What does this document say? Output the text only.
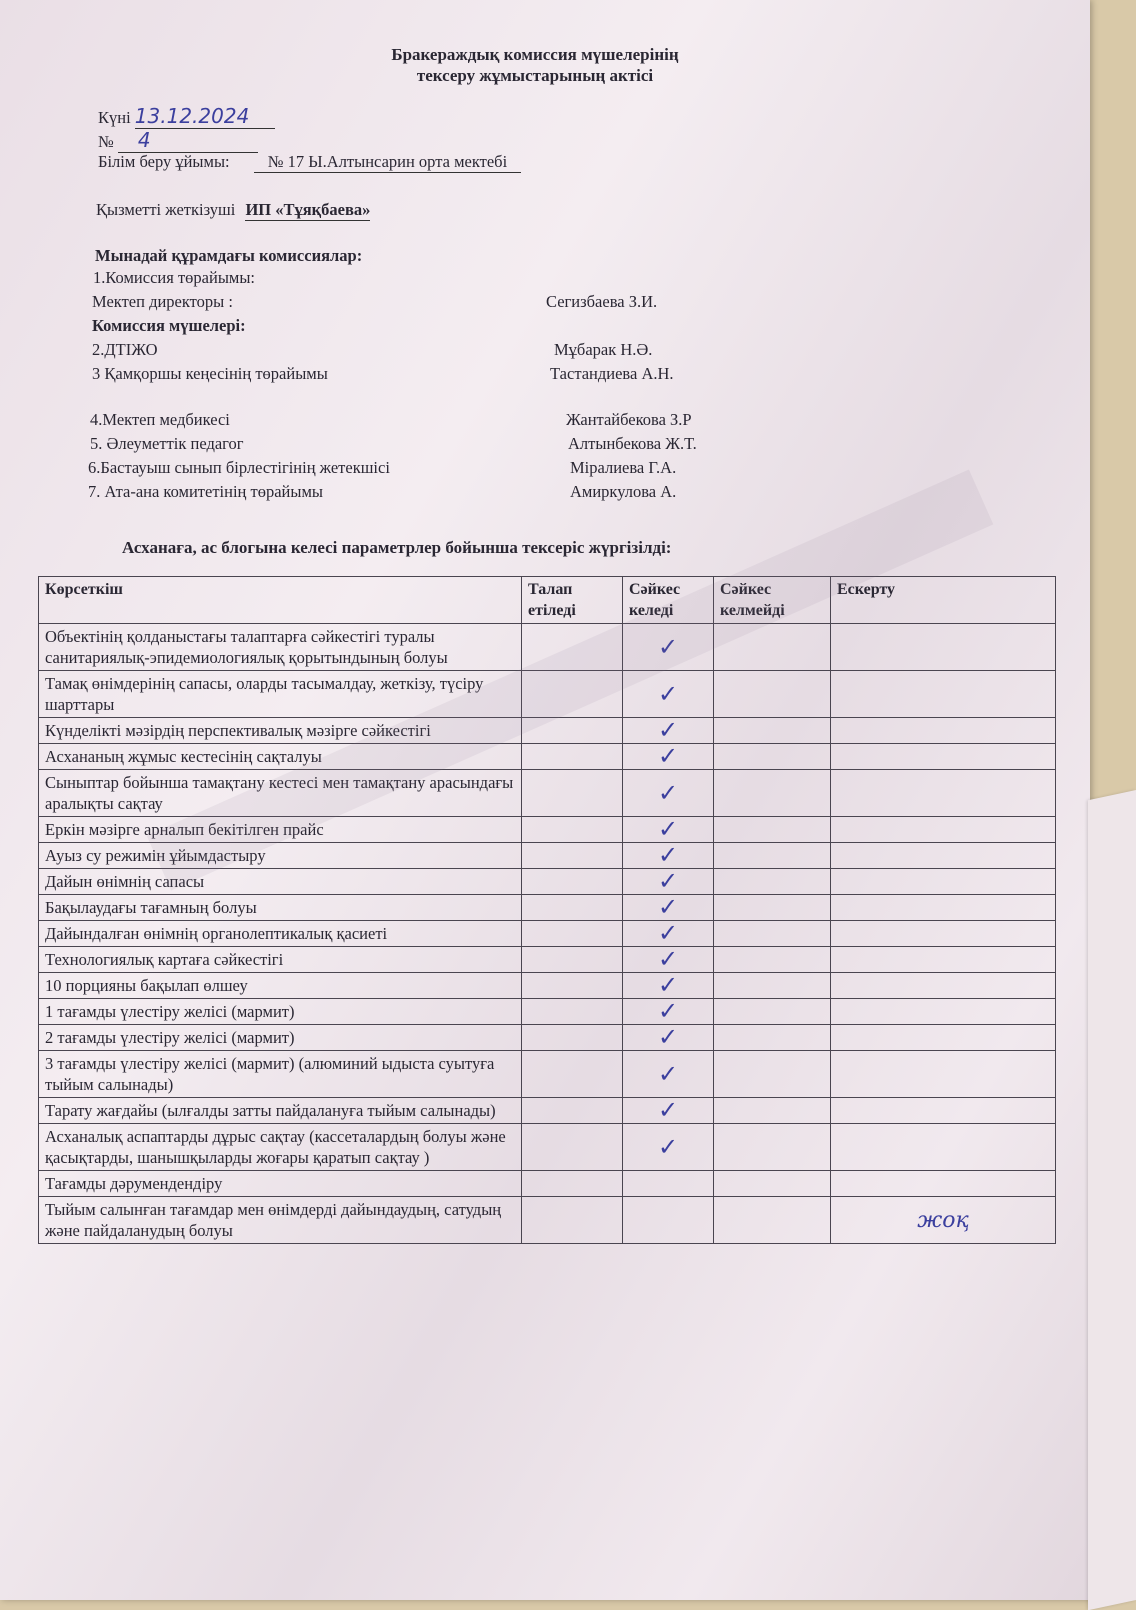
Бракераждық комиссия мүшелерінің
тексеру жұмыстарының актісі
Күні 13.12.2024
№ 4
Білім беру ұйымы: № 17 Ы.Алтынсарин орта мектебі
Қызметті жеткізуші ИП «Тұяқбаева»
Мынадай құрамдағы комиссиялар:
1.Комиссия төрайымы:
Мектеп директоры :	Сегизбаева З.И.
Комиссия мүшелері:
2.ДТІЖО	Мұбарак Н.Ә.
3 Қамқоршы кеңесінің төрайымы	Тастандиева А.Н.
4.Мектеп медбикесі	Жантайбекова З.Р
5. Әлеуметтік педагог	Алтынбекова Ж.Т.
6.Бастауыш сынып бірлестігінің жетекшісі	Міралиева Г.А.
7. Ата-ана комитетінің төрайымы	Амиркулова А.
Асханаға, ас блогына келесі параметрлер бойынша тексеріс жүргізілді:
Көрсеткіш	Талап етіледі	Сәйкес келеді	Сәйкес келмейді	Ескерту
Объектінің қолданыстағы талаптарға сәйкестігі туралы санитариялық-эпидемиологиялық қорытындының болуы		✓		
Тамақ өнімдерінің сапасы, оларды тасымалдау, жеткізу, түсіру шарттары		✓		
Күнделікті мәзірдің перспективалық мәзірге сәйкестігі		✓		
Асхананың жұмыс кестесінің сақталуы		✓		
Сыныптар бойынша тамақтану кестесі мен тамақтану арасындағы аралықты сақтау		✓		
Еркін мәзірге арналып бекітілген прайс		✓		
Ауыз су режимін ұйымдастыру		✓		
Дайын өнімнің сапасы		✓		
Бақылаудағы тағамның болуы		✓		
Дайындалған өнімнің органолептикалық қасиеті		✓		
Технологиялық картаға сәйкестігі		✓		
10 порцияны бақылап өлшеу		✓		
1 тағамды үлестіру желісі (мармит)		✓		
2 тағамды үлестіру желісі (мармит)		✓		
3 тағамды үлестіру желісі (мармит) (алюминий ыдыста суытуға тыйым салынады)		✓		
Тарату жағдайы (ылғалды затты пайдалануға тыйым салынады)		✓		
Асханалық аспаптарды дұрыс сақтау (кассеталардың болуы және қасықтарды, шанышқыларды жоғары қаратып сақтау )		✓		
Тағамды дәрумендендіру				
Тыйым салынған тағамдар мен өнімдерді дайындаудың, сатудың және пайдаланудың болуы				жоқ
